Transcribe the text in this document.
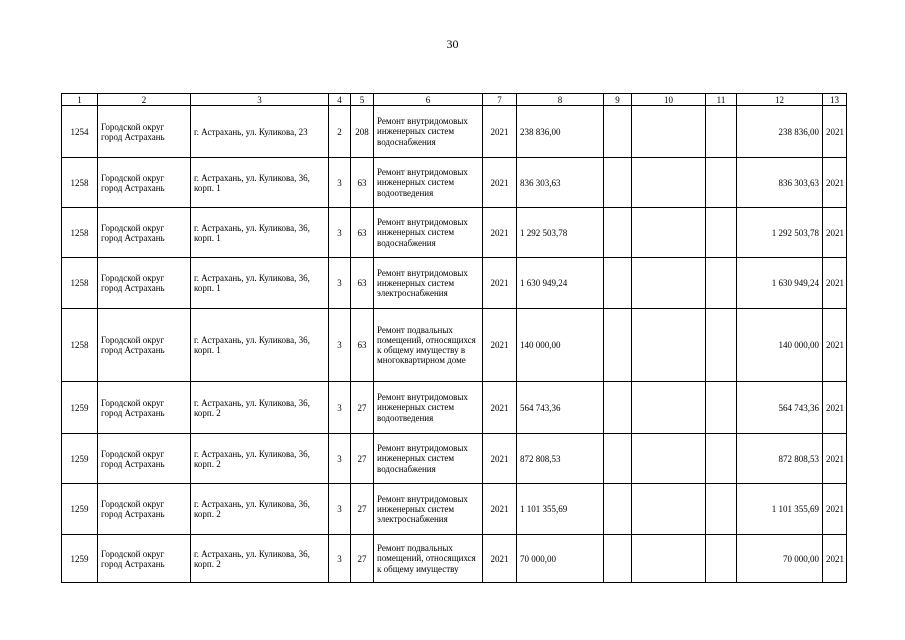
30
1	2	3	4	5	6	7	8	9	10	11	12	13
1254	Городской округ город Астрахань	г. Астрахань, ул. Куликова, 23	2	208	Ремонт внутридомовых инженерных систем водоснабжения	2021	238 836,00				238 836,00	2021
1258	Городской округ город Астрахань	г. Астрахань, ул. Куликова, 36, корп. 1	3	63	Ремонт внутридомовых инженерных систем водоотведения	2021	836 303,63				836 303,63	2021
1258	Городской округ город Астрахань	г. Астрахань, ул. Куликова, 36, корп. 1	3	63	Ремонт внутридомовых инженерных систем водоснабжения	2021	1 292 503,78				1 292 503,78	2021
1258	Городской округ город Астрахань	г. Астрахань, ул. Куликова, 36, корп. 1	3	63	Ремонт внутридомовых инженерных систем электроснабжения	2021	1 630 949,24				1 630 949,24	2021
1258	Городской округ город Астрахань	г. Астрахань, ул. Куликова, 36, корп. 1	3	63	Ремонт подвальных помещений, относящихся к общему имуществу в многоквартирном доме	2021	140 000,00				140 000,00	2021
1259	Городской округ город Астрахань	г. Астрахань, ул. Куликова, 36, корп. 2	3	27	Ремонт внутридомовых инженерных систем водоотведения	2021	564 743,36				564 743,36	2021
1259	Городской округ город Астрахань	г. Астрахань, ул. Куликова, 36, корп. 2	3	27	Ремонт внутридомовых инженерных систем водоснабжения	2021	872 808,53				872 808,53	2021
1259	Городской округ город Астрахань	г. Астрахань, ул. Куликова, 36, корп. 2	3	27	Ремонт внутридомовых инженерных систем электроснабжения	2021	1 101 355,69				1 101 355,69	2021
1259	Городской округ город Астрахань	г. Астрахань, ул. Куликова, 36, корп. 2	3	27	Ремонт подвальных помещений, относящихся к общему имуществу	2021	70 000,00				70 000,00	2021
